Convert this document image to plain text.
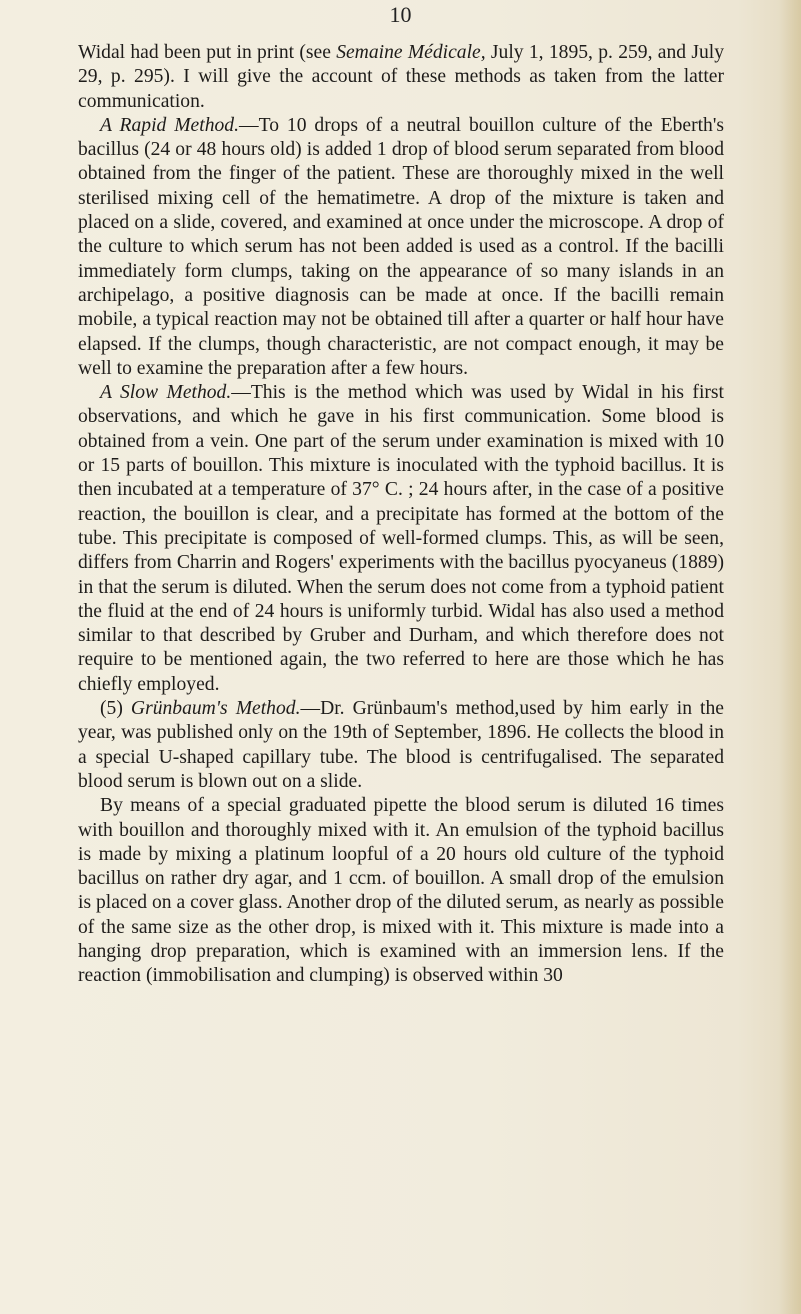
10

Widal had been put in print (see Semaine Médicale, July 1, 1895, p. 259, and July 29, p. 295). I will give the account of these methods as taken from the latter communication.

A Rapid Method.—To 10 drops of a neutral bouillon culture of the Eberth's bacillus (24 or 48 hours old) is added 1 drop of blood serum separated from blood obtained from the finger of the patient. These are thoroughly mixed in the well sterilised mixing cell of the hematimetre. A drop of the mixture is taken and placed on a slide, covered, and examined at once under the microscope. A drop of the culture to which serum has not been added is used as a control. If the bacilli immediately form clumps, taking on the appearance of so many islands in an archipelago, a positive diagnosis can be made at once. If the bacilli remain mobile, a typical reaction may not be obtained till after a quarter or half hour have elapsed. If the clumps, though characteristic, are not compact enough, it may be well to examine the preparation after a few hours.

A Slow Method.—This is the method which was used by Widal in his first observations, and which he gave in his first communication. Some blood is obtained from a vein. One part of the serum under examination is mixed with 10 or 15 parts of bouillon. This mixture is inoculated with the typhoid bacillus. It is then incubated at a temperature of 37° C. ; 24 hours after, in the case of a positive reaction, the bouillon is clear, and a precipitate has formed at the bottom of the tube. This precipitate is composed of well-formed clumps. This, as will be seen, differs from Charrin and Rogers' experiments with the bacillus pyocyaneus (1889) in that the serum is diluted. When the serum does not come from a typhoid patient the fluid at the end of 24 hours is uniformly turbid. Widal has also used a method similar to that described by Gruber and Durham, and which therefore does not require to be mentioned again, the two referred to here are those which he has chiefly employed.

(5) Grünbaum's Method.—Dr. Grünbaum's method,used by him early in the year, was published only on the 19th of September, 1896. He collects the blood in a special U-shaped capillary tube. The blood is centrifugalised. The separated blood serum is blown out on a slide.

By means of a special graduated pipette the blood serum is diluted 16 times with bouillon and thoroughly mixed with it. An emulsion of the typhoid bacillus is made by mixing a platinum loopful of a 20 hours old culture of the typhoid bacillus on rather dry agar, and 1 ccm. of bouillon. A small drop of the emulsion is placed on a cover glass. Another drop of the diluted serum, as nearly as possible of the same size as the other drop, is mixed with it. This mixture is made into a hanging drop preparation, which is examined with an immersion lens. If the reaction (immobilisation and clumping) is observed within 30
